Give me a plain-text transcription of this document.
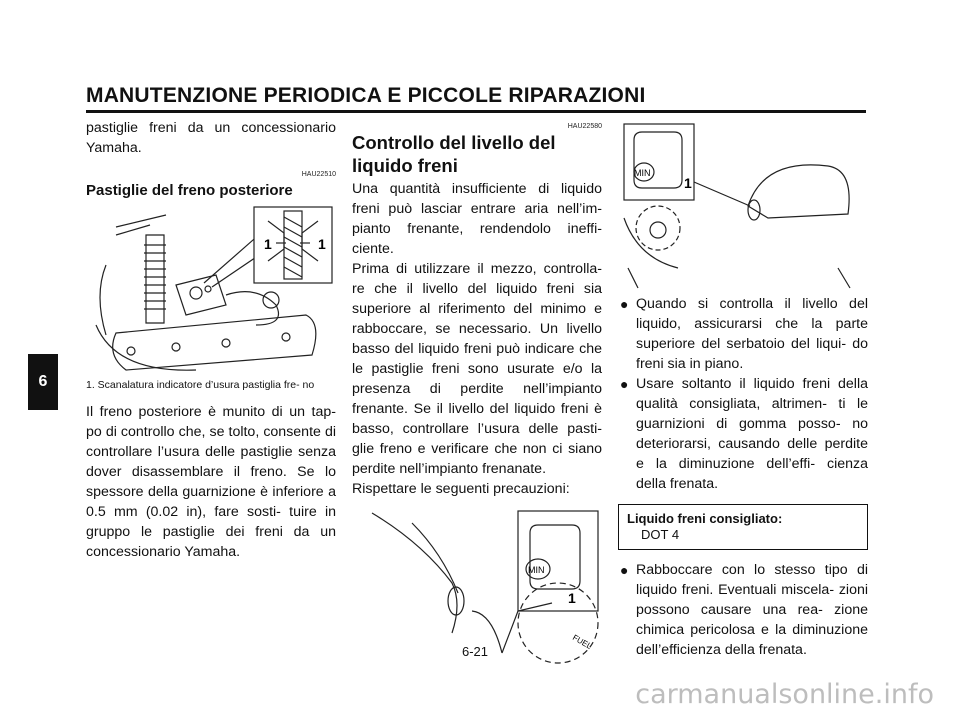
MANUTENZIONE PERIODICA E PICCOLE RIPARAZIONI
6

pastiglie freni da un concessionario Yamaha.

HAU22510
Pastiglie del freno posteriore
1	1
1. Scanalatura indicatore d’usura pastiglia fre- no

Il freno posteriore è munito di un tap- po di controllo che, se tolto, consente di controllare l’usura delle pastiglie senza dover disassemblare il freno. Se lo spessore della guarnizione è inferiore a 0.5 mm (0.02 in), fare sosti- tuire in gruppo le pastiglie dei freni da un concessionario Yamaha.

HAU22580
Controllo del livello del liquido freni

Una quantità insufficiente di liquido freni può lasciar entrare aria nell’im- pianto frenante, rendendolo ineffi- ciente.

Prima di utilizzare il mezzo, controlla- re che il livello del liquido freni sia superiore al riferimento del minimo e rabboccare, se necessario. Un livello basso del liquido freni può indicare che le pastiglie freni sono usurate e/o la presenza di perdite nell’impianto frenante. Se il livello del liquido freni è basso, controllare l’usura delle pasti- glie freno e verificare che non ci siano perdite nell’impianto frenanate.

Rispettare le seguenti precauzioni:

MIN
1
FUEL
MIN
1
● Quando si controlla il livello del liquido, assicurarsi che la parte superiore del serbatoio del liqui- do freni sia in piano.
● Usare soltanto il liquido freni della qualità consigliata, altrimen- ti le guarnizioni di gomma posso- no deteriorarsi, causando delle perdite e la diminuzione dell’effi- cienza della frenata.
Liquido freni consigliato:
DOT 4
● Rabboccare con lo stesso tipo di liquido freni. Eventuali miscela- zioni possono causare una rea- zione chimica pericolosa e la diminuzione dell’efficienza della frenata.
6-21
carmanualsonline.info
